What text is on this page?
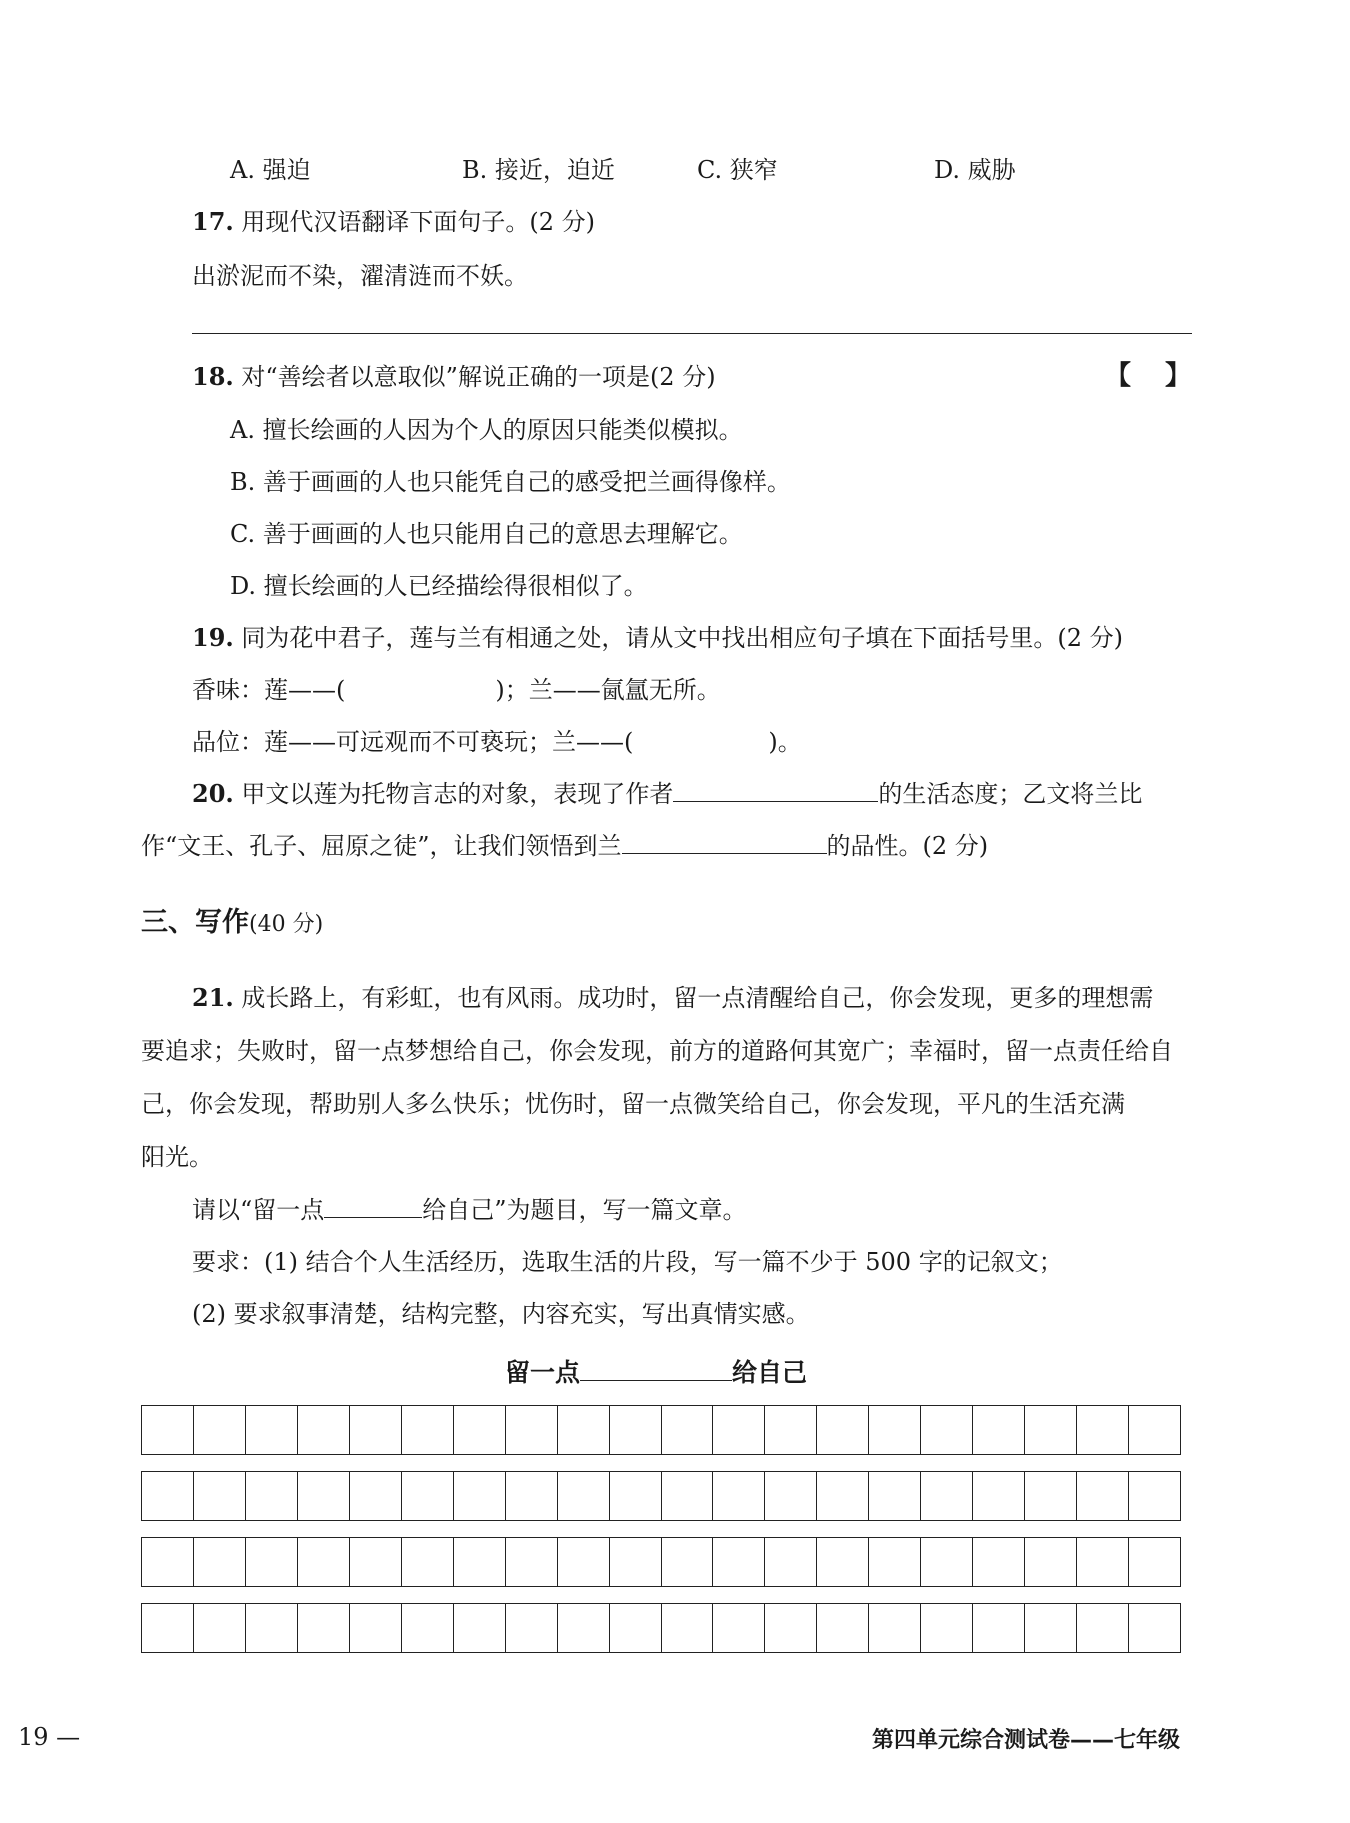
A. 强迫	B. 接近，迫近	C. 狭窄	D. 威胁
17. 用现代汉语翻译下面句子。(2 分)
出淤泥而不染，濯清涟而不妖。
18. 对“善绘者以意取似”解说正确的一项是(2 分)	【 】
A. 擅长绘画的人因为个人的原因只能类似模拟。
B. 善于画画的人也只能凭自己的感受把兰画得像样。
C. 善于画画的人也只能用自己的意思去理解它。
D. 擅长绘画的人已经描绘得很相似了。
19. 同为花中君子，莲与兰有相通之处，请从文中找出相应句子填在下面括号里。(2 分)
香味：莲——(	)；兰——氤氲无所。
品位：莲——可远观而不可亵玩；兰——(	)。
20. 甲文以莲为托物言志的对象，表现了作者	的生活态度；乙文将兰比
作“文王、孔子、屈原之徒”，让我们领悟到兰	的品性。(2 分)
三、写作(40 分)
21. 成长路上，有彩虹，也有风雨。成功时，留一点清醒给自己，你会发现，更多的理想需
要追求；失败时，留一点梦想给自己，你会发现，前方的道路何其宽广；幸福时，留一点责任给自
己，你会发现，帮助别人多么快乐；忧伤时，留一点微笑给自己，你会发现，平凡的生活充满
阳光。
请以“留一点	给自己”为题目，写一篇文章。
要求：(1) 结合个人生活经历，选取生活的片段，写一篇不少于 500 字的记叙文；
(2) 要求叙事清楚，结构完整，内容充实，写出真情实感。
留一点	给自己
19 —	第四单元综合测试卷——七年级
